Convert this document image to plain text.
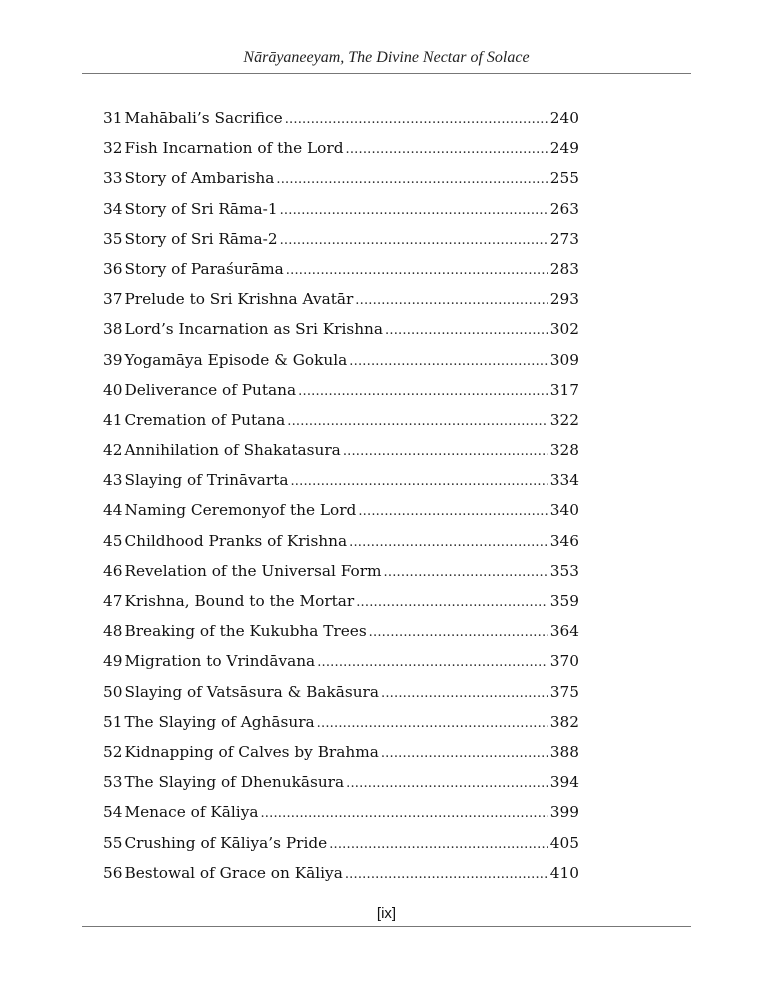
Nārāyaneeyam, The Divine Nectar of Solace
31 Mahābali’s Sacrifice .....	240
32 Fish Incarnation of the Lord .....	249
33 Story of Ambarisha .....	255
34 Story of Sri Rāma-1 .....	263
35 Story of Sri Rāma-2 .....	273
36 Story of Paraśurāma .....	283
37 Prelude to Sri Krishna Avatār .....	293
38 Lord’s Incarnation as Sri Krishna .....	302
39 Yogamāya Episode & Gokula .....	309
40 Deliverance of Putana .....	317
41 Cremation of Putana .....	322
42 Annihilation of Shakatasura .....	328
43 Slaying of Trināvarta .....	334
44 Naming Ceremonyof the Lord .....	340
45 Childhood Pranks of Krishna .....	346
46 Revelation of the Universal Form .....	353
47 Krishna, Bound to the Mortar .....	359
48 Breaking of the Kukubha Trees .....	364
49 Migration to Vrindāvana .....	370
50 Slaying of Vatsāsura & Bakāsura .....	375
51 The Slaying of Aghāsura .....	382
52 Kidnapping of Calves by Brahma .....	388
53 The Slaying of Dhenukāsura .....	394
54 Menace of Kāliya .....	399
55 Crushing of Kāliya’s Pride .....	405
56 Bestowal of Grace on Kāliya .....	410
[ix]
